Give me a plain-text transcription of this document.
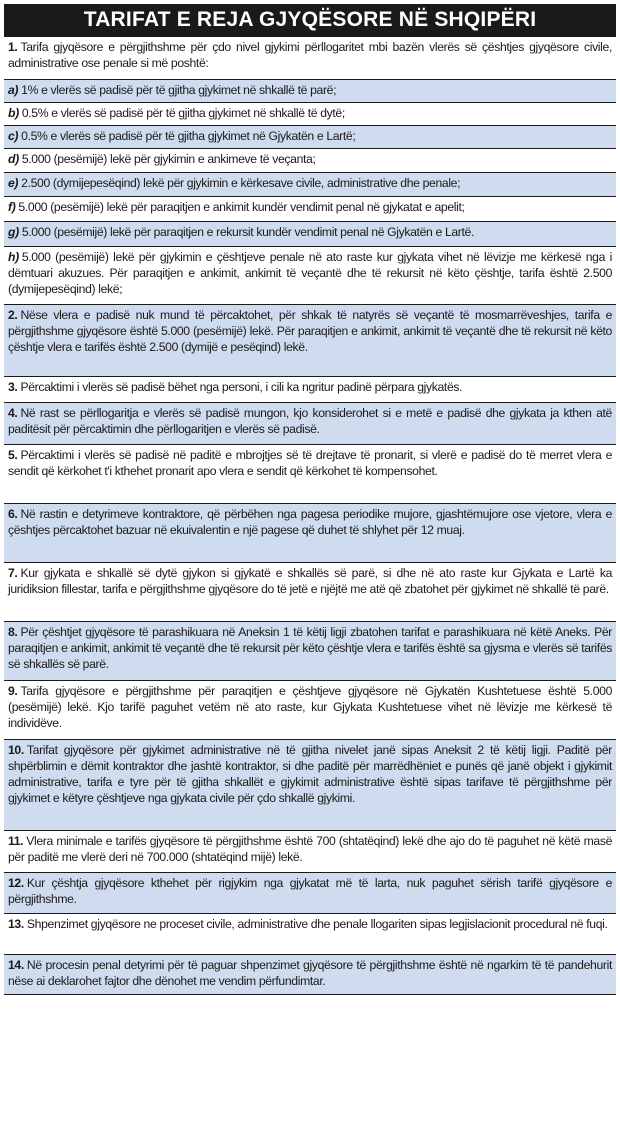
TARIFAT E REJA GJYQËSORE NË SHQIPËRI
1. Tarifa gjyqësore e përgjithshme për çdo nivel gjykimi përllogaritet mbi bazën vlerës së çështjes gjyqësore civile, administrative ose penale si më poshtë:
a) 1% e vlerës së padisë për të gjitha gjykimet në shkallë të parë;
b) 0.5% e vlerës së padisë për të gjitha gjykimet në shkallë të dytë;
c) 0.5% e vlerës së padisë për të gjitha gjykimet në Gjykatën e Lartë;
d) 5.000 (pesëmijë) lekë për gjykimin e ankimeve të veçanta;
e) 2.500 (dymijepesëqind) lekë për gjykimin e kërkesave civile, administrative dhe penale;
f) 5.000 (pesëmijë) lekë për paraqitjen e ankimit kundër vendimit penal në gjykatat e apelit;
g) 5.000 (pesëmijë) lekë për paraqitjen e rekursit kundër vendimit penal në Gjykatën e Lartë.
h) 5.000 (pesëmijë) lekë për gjykimin e çështjeve penale në ato raste kur gjykata vihet në lëvizje me kërkesë nga i dëmtuari akuzues. Për paraqitjen e ankimit, ankimit të veçantë dhe të rekursit në këto çështje, tarifa është 2.500 (dymijepesëqind) lekë;
2. Nëse vlera e padisë nuk mund të përcaktohet, për shkak të natyrës së veçantë të mosmarrëveshjes, tarifa e përgjithshme gjyqësore është 5.000 (pesëmijë) lekë. Për paraqitjen e ankimit, ankimit të veçantë dhe të rekursit në këto çështje vlera e tarifës është 2.500 (dymijë e pesëqind) lekë.
3. Përcaktimi i vlerës së padisë bëhet nga personi, i cili ka ngritur padinë përpara gjykatës.
4. Në rast se përllogaritja e vlerës së padisë mungon, kjo konsiderohet si e metë e padisë dhe gjykata ja kthen atë paditësit për përcaktimin dhe përllogaritjen e vlerës së padisë.
5. Përcaktimi i vlerës së padisë në paditë e mbrojtjes së të drejtave të pronarit, si vlerë e padisë do të merret vlera e sendit që kërkohet t'i kthehet pronarit apo vlera e sendit që kërkohet të kompensohet.
6. Në rastin e detyrimeve kontraktore, që përbëhen nga pagesa periodike mujore, gjashtëmujore ose vjetore, vlera e çështjes përcaktohet bazuar në ekuivalentin e një pagese që duhet të shlyhet për 12 muaj.
7. Kur gjykata e shkallë së dytë gjykon si gjykatë e shkallës së parë, si dhe në ato raste kur Gjykata e Lartë ka juridiksion fillestar, tarifa e përgjithshme gjyqësore do të jetë e njëjtë me atë që zbatohet për gjykimet në shkallë të parë.
8. Për çështjet gjyqësore të parashikuara në Aneksin 1 të këtij ligji zbatohen tarifat e parashikuara në këtë Aneks. Për paraqitjen e ankimit, ankimit të veçantë dhe të rekursit për këto çështje vlera e tarifës është sa gjysma e vlerës së tarifës së shkallës së parë.
9. Tarifa gjyqësore e përgjithshme për paraqitjen e çështjeve gjyqësore në Gjykatën Kushtetuese është 5.000 (pesëmijë) lekë. Kjo tarifë paguhet vetëm në ato raste, kur Gjykata Kushtetuese vihet në lëvizje me kërkesë të individëve.
10. Tarifat gjyqësore për gjykimet administrative në të gjitha nivelet janë sipas Aneksit 2 të këtij ligji. Paditë për shpërblimin e dëmit kontraktor dhe jashtë kontraktor, si dhe paditë për marrëdhëniet e punës që janë objekt i gjykimit administrative, tarifa e tyre për të gjitha shkallët e gjykimit administrative është sipas tarifave të përgjithshme për gjykimet e këtyre çështjeve nga gjykata civile për çdo shkallë gjykimi.
11. Vlera minimale e tarifës gjyqësore të përgjithshme është 700 (shtatëqind) lekë dhe ajo do të paguhet në këtë masë për paditë me vlerë deri në 700.000 (shtatëqind mijë) lekë.
12. Kur çështja gjyqësore kthehet për rigjykim nga gjykatat më të larta, nuk paguhet sërish tarifë gjyqësore e përgjithshme.
13. Shpenzimet gjyqësore ne proceset civile, administrative dhe penale llogariten sipas legjislacionit procedural në fuqi.
14. Në procesin penal detyrimi për të paguar shpenzimet gjyqësore të përgjithshme është në ngarkim të të pandehurit nëse ai deklarohet fajtor dhe dënohet me vendim përfundimtar.
